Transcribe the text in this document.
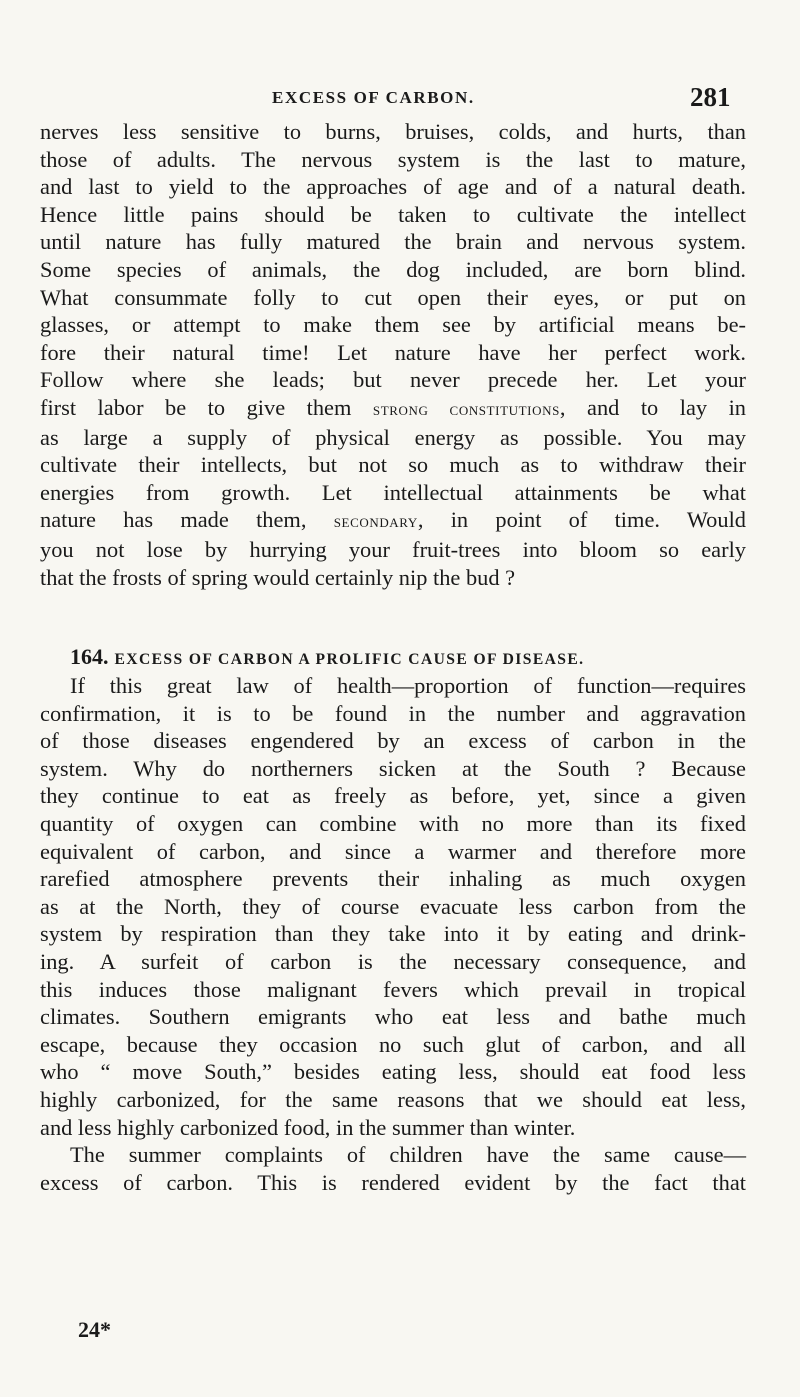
EXCESS OF CARBON.	281
nerves less sensitive to burns, bruises, colds, and hurts, than
those of adults. The nervous system is the last to mature,
and last to yield to the approaches of age and of a natural death.
Hence little pains should be taken to cultivate the intellect
until nature has fully matured the brain and nervous system.
Some species of animals, the dog included, are born blind.
What consummate folly to cut open their eyes, or put on
glasses, or attempt to make them see by artificial means be-
fore their natural time! Let nature have her perfect work.
Follow where she leads; but never precede her. Let your
first labor be to give them strong constitutions, and to lay in
as large a supply of physical energy as possible. You may
cultivate their intellects, but not so much as to withdraw their
energies from growth. Let intellectual attainments be what
nature has made them, secondary, in point of time. Would
you not lose by hurrying your fruit-trees into bloom so early
that the frosts of spring would certainly nip the bud ?
164. EXCESS OF CARBON A PROLIFIC CAUSE OF DISEASE.
If this great law of health—proportion of function—requires
confirmation, it is to be found in the number and aggravation
of those diseases engendered by an excess of carbon in the
system. Why do northerners sicken at the South ? Because
they continue to eat as freely as before, yet, since a given
quantity of oxygen can combine with no more than its fixed
equivalent of carbon, and since a warmer and therefore more
rarefied atmosphere prevents their inhaling as much oxygen
as at the North, they of course evacuate less carbon from the
system by respiration than they take into it by eating and drink-
ing. A surfeit of carbon is the necessary consequence, and
this induces those malignant fevers which prevail in tropical
climates. Southern emigrants who eat less and bathe much
escape, because they occasion no such glut of carbon, and all
who “ move South,” besides eating less, should eat food less
highly carbonized, for the same reasons that we should eat less,
and less highly carbonized food, in the summer than winter.
The summer complaints of children have the same cause—
excess of carbon. This is rendered evident by the fact that
24*
